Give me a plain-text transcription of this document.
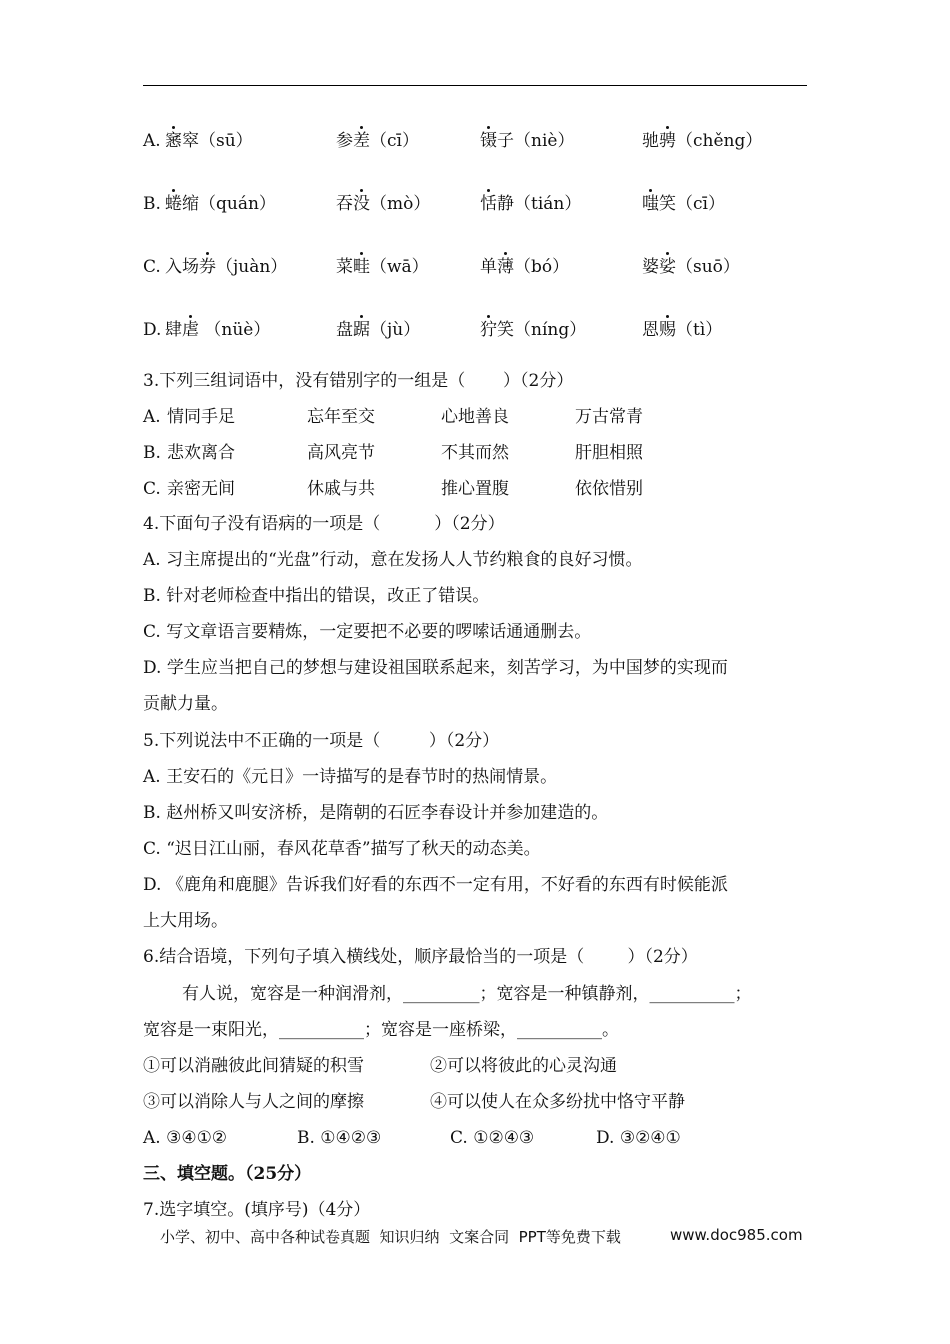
A. 窸窣（sū）	参差（cī）	镊子（niè）	驰骋（chěng）
B. 蜷缩（quán）	吞没（mò）	恬静（tián）	嗤笑（cī）
C. 入场券（juàn）	菜畦（wā）	单薄（bó）	婆娑（suō）
D. 肆虐 （nüè）	盘踞（jù）	狞笑（níng）	恩赐（tì）
3.下列三组词语中，没有错别字的一组是（       ）（2分）
A. 情同手足	忘年至交	心地善良	万古常青
B. 悲欢离合	高风亮节	不其而然	肝胆相照
C. 亲密无间	休戚与共	推心置腹	依依惜别
4.下面句子没有语病的一项是（          ）（2分）
A. 习主席提出的“光盘”行动，意在发扬人人节约粮食的良好习惯。
B. 针对老师检查中指出的错误，改正了错误。
C. 写文章语言要精炼，一定要把不必要的啰嗦话通通删去。
D. 学生应当把自己的梦想与建设祖国联系起来，刻苦学习，为中国梦的实现而
贡献力量。
5.下列说法中不正确的一项是（         ）（2分）
A. 王安石的《元日》一诗描写的是春节时的热闹情景。
B. 赵州桥又叫安济桥，是隋朝的石匠李春设计并参加建造的。
C. “迟日江山丽，春风花草香”描写了秋天的动态美。
D. 《鹿角和鹿腿》告诉我们好看的东西不一定有用，不好看的东西有时候能派
上大用场。
6.结合语境，下列句子填入横线处，顺序最恰当的一项是（        ）（2分）
有人说，宽容是一种润滑剂，_________；宽容是一种镇静剂，__________；
宽容是一束阳光，__________；宽容是一座桥梁，__________。
①可以消融彼此间猜疑的积雪	②可以将彼此的心灵沟通
③可以消除人与人之间的摩擦	④可以使人在众多纷扰中恪守平静
A. ③④①②	B. ①④②③	C. ①②④③	D. ③②④①
三、填空题。（25分）
7.选字填空。(填序号)（4分）
小学、初中、高中各种试卷真题  知识归纳  文案合同  PPT等免费下载	www.doc985.com
